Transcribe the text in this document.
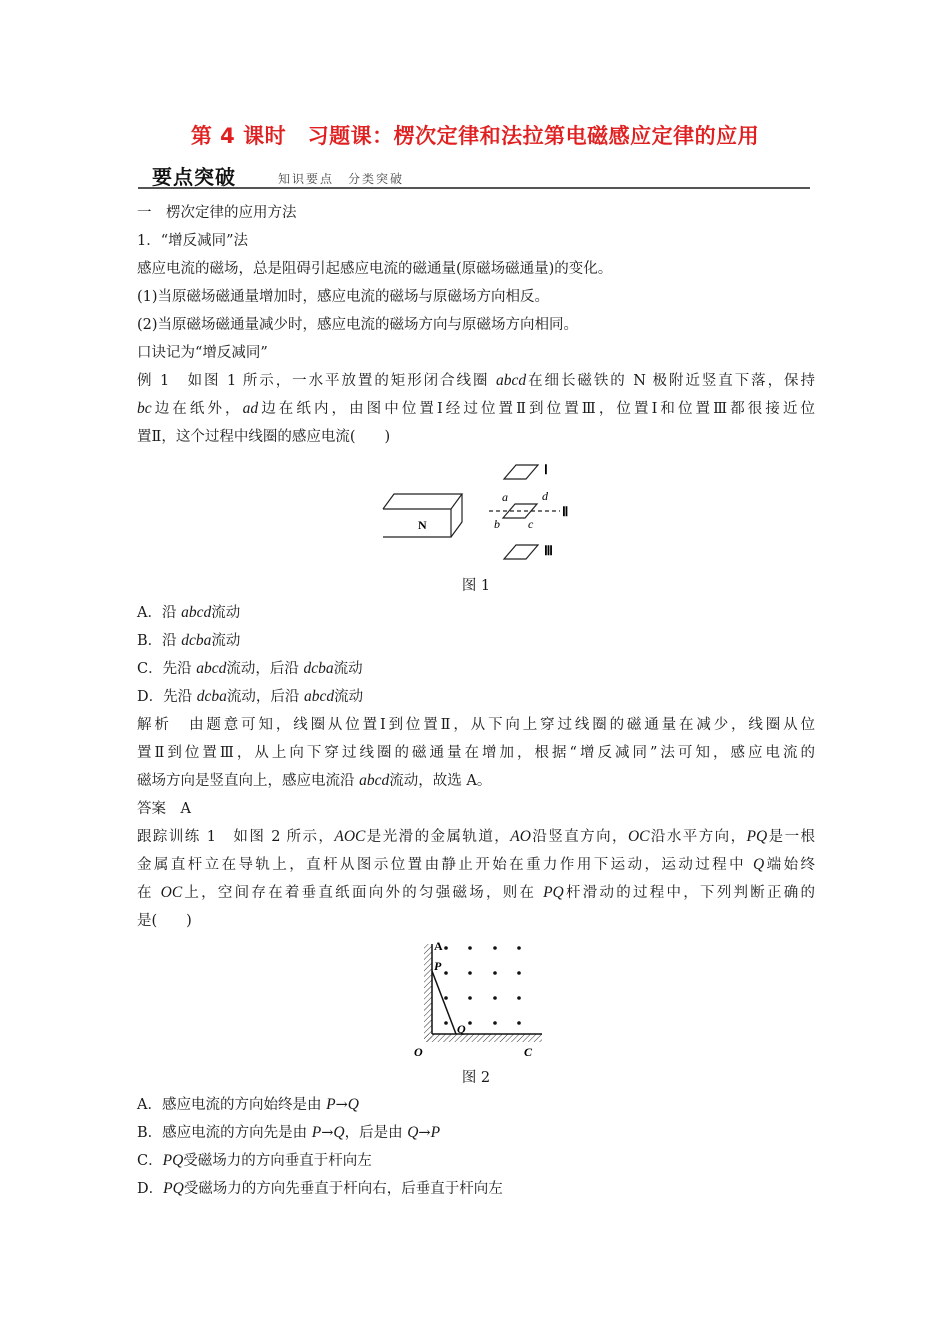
第 4 课时　习题课：楞次定律和法拉第电磁感应定律的应用
要点突破	知识要点　分类突破
一　楞次定律的应用方法
1．“增反减同”法
感应电流的磁场，总是阻碍引起感应电流的磁通量(原磁场磁通量)的变化。
(1)当原磁场磁通量增加时，感应电流的磁场与原磁场方向相反。
(2)当原磁场磁通量减少时，感应电流的磁场方向与原磁场方向相同。
口诀记为“增反减同”
例 1　如图 1 所示，一水平放置的矩形闭合线圈 abcd在细长磁铁的 N 极附近竖直下落，保持
bc边在纸外，ad边在纸内，由图中位置Ⅰ经过位置Ⅱ到位置Ⅲ，位置Ⅰ和位置Ⅲ都很接近位
置Ⅱ，这个过程中线圈的感应电流(　　)
N
Ⅰ
Ⅱ
Ⅲ
a	d
b c
图 1
A．沿 abcd流动
B．沿 dcba流动
C．先沿 abcd流动，后沿 dcba流动
D．先沿 dcba流动，后沿 abcd流动
解析　由题意可知，线圈从位置Ⅰ到位置Ⅱ，从下向上穿过线圈的磁通量在减少，线圈从位
置Ⅱ到位置Ⅲ，从上向下穿过线圈的磁通量在增加，根据“增反减同”法可知，感应电流的
磁场方向是竖直向上，感应电流沿 abcd流动，故选 A。
答案　A
跟踪训练 1　如图 2 所示，AOC是光滑的金属轨道，AO沿竖直方向，OC沿水平方向，PQ是一根
金属直杆立在导轨上，直杆从图示位置由静止开始在重力作用下运动，运动过程中 Q端始终
在 OC上，空间存在着垂直纸面向外的匀强磁场，则在 PQ杆滑动的过程中，下列判断正确的
是(　　)
A
P
Q
O	C
图 2
A．感应电流的方向始终是由 P→Q
B．感应电流的方向先是由 P→Q，后是由 Q→P
C．PQ受磁场力的方向垂直于杆向左
D．PQ受磁场力的方向先垂直于杆向右，后垂直于杆向左
